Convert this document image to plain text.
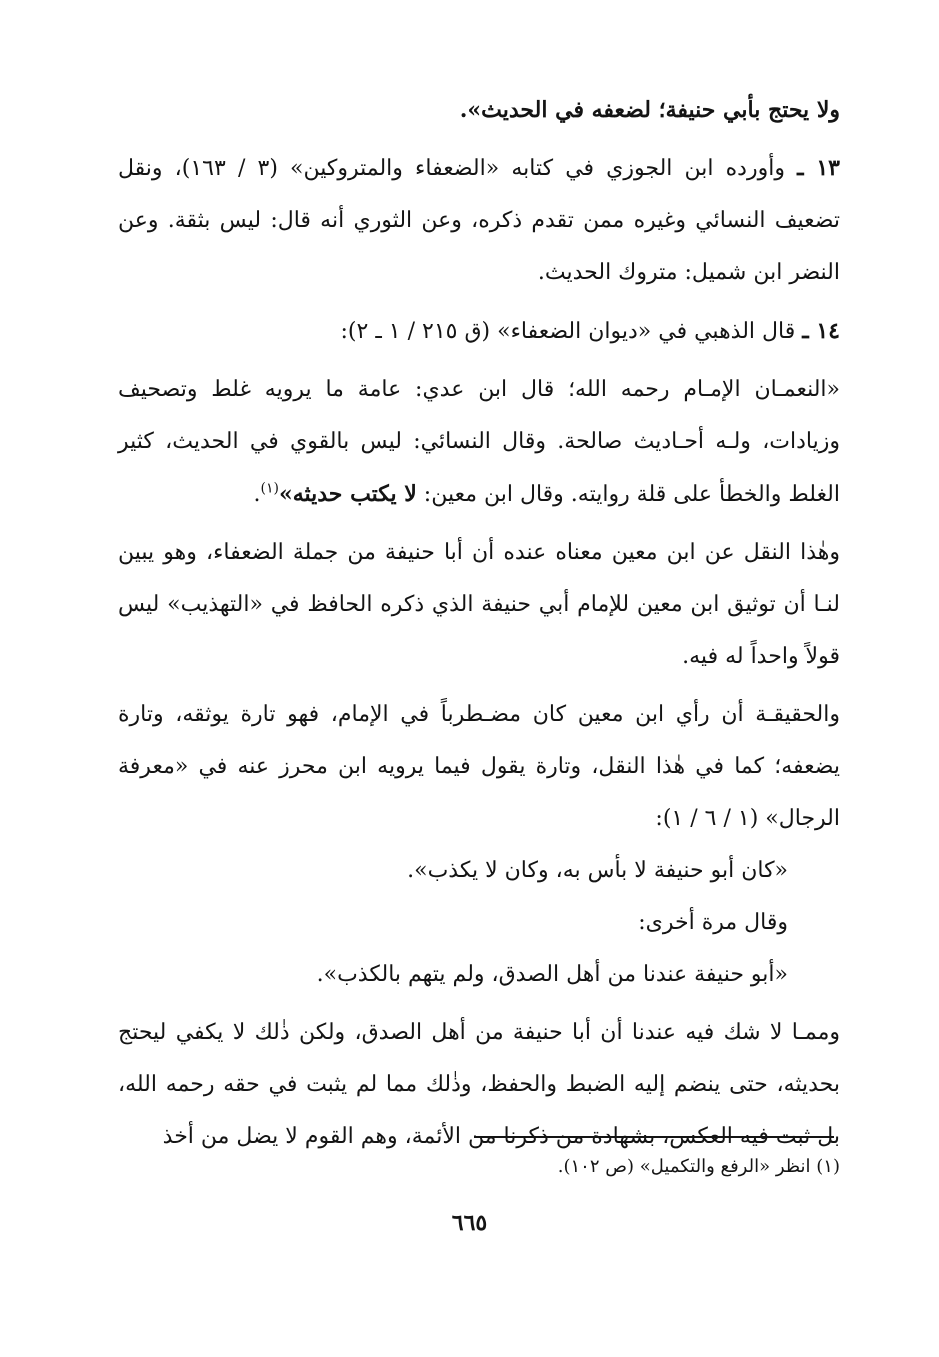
ولا يحتج بأبي حنيفة؛ لضعفه في الحديث».

١٣ ـ وأورده ابن الجوزي في كتابه «الضعفاء والمتروكين» (٣ / ١٦٣)، ونقل تضعيف النسائي وغيره ممن تقدم ذكره، وعن الثوري أنه قال: ليس بثقة. وعن النضر ابن شميل: متروك الحديث.

١٤ ـ قال الذهبي في «ديوان الضعفاء» (ق ٢١٥ / ١ ـ ٢):

«النعمـان الإمـام رحمه الله؛ قال ابن عدي: عامة ما يرويه غلط وتصحيف وزيادات، ولـه أحـاديث صالحة. وقال النسائي: ليس بالقوي في الحديث، كثير الغلط والخطأ على قلة روايته. وقال ابن معين: لا يكتب حديثه»$^{(١)}$.

وهٰذا النقل عن ابن معين معناه عنده أن أبا حنيفة من جملة الضعفاء، وهو يبين لنـا أن توثيق ابن معين للإمام أبي حنيفة الذي ذكره الحافظ في «التهذيب» ليس قولاً واحداً له فيه.

والحقيقـة أن رأي ابن معين كان مضـطرباً في الإمام، فهو تارة يوثقه، وتارة يضعفه؛ كما في هٰذا النقل، وتارة يقول فيما يرويه ابن محرز عنه في «معرفة الرجال» (١ / ٦ / ١):

«كان أبو حنيفة لا بأس به، وكان لا يكذب».

وقال مرة أخرى:

«أبو حنيفة عندنا من أهل الصدق، ولم يتهم بالكذب».

وممـا لا شك فيه عندنا أن أبا حنيفة من أهل الصدق، ولكن ذٰلك لا يكفي ليحتج بحديثه، حتى ينضم إليه الضبط والحفظ، وذٰلك مما لم يثبت في حقه رحمه الله، بل ثبت فيه العكس، بشهادة من ذكرنا من الأئمة، وهم القوم لا يضل من أخذ

(١) انظر «الرفع والتكميل» (ص ١٠٢).
٦٦٥
